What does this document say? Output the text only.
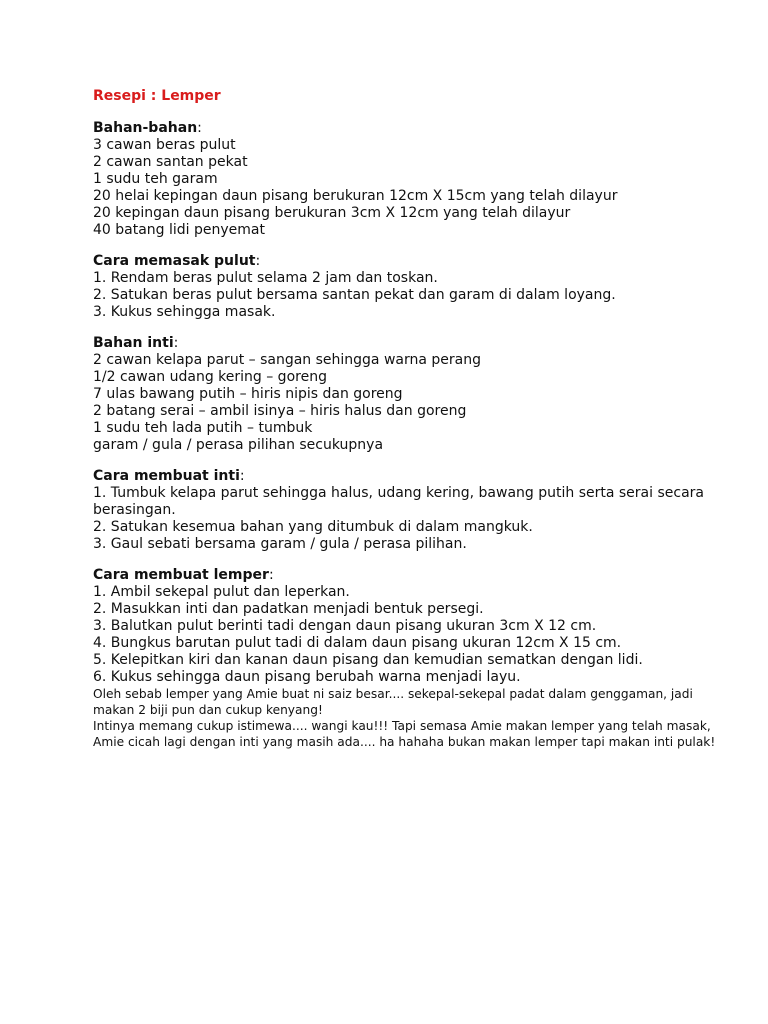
Resepi : Lemper
Bahan-bahan:
3 cawan beras pulut
2 cawan santan pekat
1 sudu teh garam
20 helai kepingan daun pisang berukuran 12cm X 15cm yang telah dilayur
20 kepingan daun pisang berukuran 3cm X 12cm yang telah dilayur
40 batang lidi penyemat
Cara memasak pulut:
1. Rendam beras pulut selama 2 jam dan toskan.
2. Satukan beras pulut bersama santan pekat dan garam di dalam loyang.
3. Kukus sehingga masak.
Bahan inti:
2 cawan kelapa parut – sangan sehingga warna perang
1/2 cawan udang kering – goreng
7 ulas bawang putih – hiris nipis dan goreng
2 batang serai – ambil isinya – hiris halus dan goreng
1 sudu teh lada putih – tumbuk
garam / gula / perasa pilihan secukupnya
Cara membuat inti:
1. Tumbuk kelapa parut sehingga halus, udang kering, bawang putih serta serai secara berasingan.
2. Satukan kesemua bahan yang ditumbuk di dalam mangkuk.
3. Gaul sebati bersama garam / gula / perasa pilihan.
Cara membuat lemper:
1. Ambil sekepal pulut dan leperkan.
2. Masukkan inti dan padatkan menjadi bentuk persegi.
3. Balutkan pulut berinti tadi dengan daun pisang ukuran 3cm X 12 cm.
4. Bungkus barutan pulut tadi di dalam daun pisang ukuran 12cm X 15 cm.
5. Kelepitkan kiri dan kanan daun pisang dan kemudian sematkan dengan lidi.
6. Kukus sehingga daun pisang berubah warna menjadi layu.
Oleh sebab lemper yang Amie buat ni saiz besar.... sekepal-sekepal padat dalam genggaman, jadi makan 2 biji pun dan cukup kenyang!
Intinya memang cukup istimewa.... wangi kau!!! Tapi semasa Amie makan lemper yang telah masak, Amie cicah lagi dengan inti yang masih ada.... ha hahaha bukan makan lemper tapi makan inti pulak!
